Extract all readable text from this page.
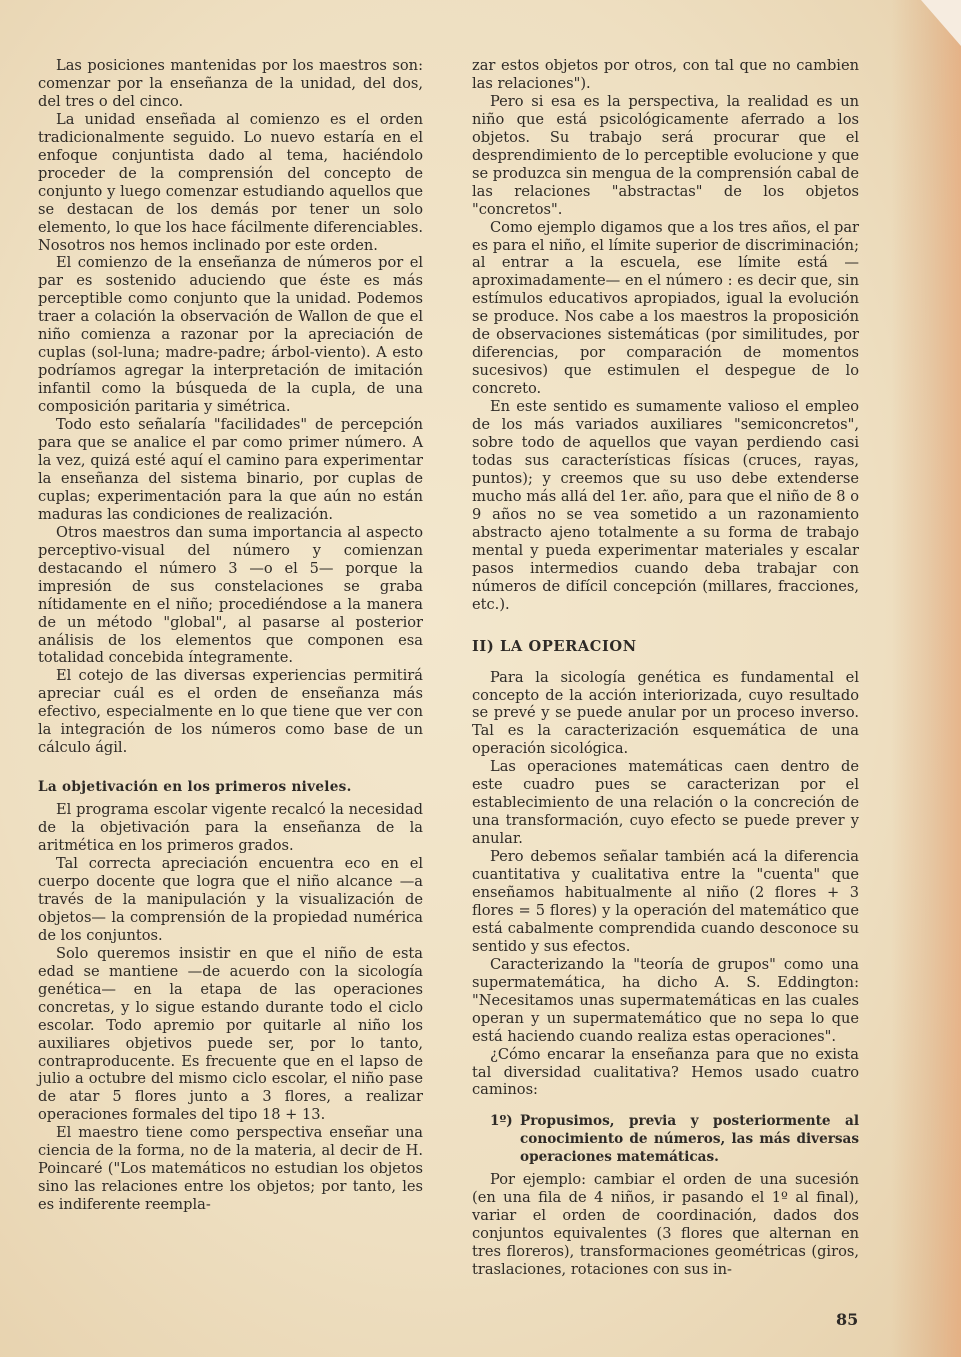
Las posiciones mantenidas por los maestros son: comenzar por la enseñanza de la unidad, del dos, del tres o del cinco.

La unidad enseñada al comienzo es el orden tradicionalmente seguido. Lo nuevo estaría en el enfoque conjuntista dado al tema, haciéndolo proceder de la comprensión del concepto de conjunto y luego comenzar estudiando aquellos que se destacan de los demás por tener un solo elemento, lo que los hace fácilmente diferenciables. Nosotros nos hemos inclinado por este orden.

El comienzo de la enseñanza de números por el par es sostenido aduciendo que éste es más perceptible como conjunto que la unidad. Podemos traer a colación la observación de Wallon de que el niño comienza a razonar por la apreciación de cuplas (sol-luna; madre-padre; árbol-viento). A esto podríamos agregar la interpretación de imitación infantil como la búsqueda de la cupla, de una composición paritaria y simétrica.

Todo esto señalaría "facilidades" de percepción para que se analice el par como primer número. A la vez, quizá esté aquí el camino para experimentar la enseñanza del sistema binario, por cuplas de cuplas; experimentación para la que aún no están maduras las condiciones de realización.

Otros maestros dan suma importancia al aspecto perceptivo-visual del número y comienzan destacando el número 3 —o el 5— porque la impresión de sus constelaciones se graba nítidamente en el niño; procediéndose a la manera de un método "global", al pasarse al posterior análisis de los elementos que componen esa totalidad concebida íntegramente.

El cotejo de las diversas experiencias permitirá apreciar cuál es el orden de enseñanza más efectivo, especialmente en lo que tiene que ver con la integración de los números como base de un cálculo ágil.

La objetivación en los primeros niveles.

El programa escolar vigente recalcó la necesidad de la objetivación para la enseñanza de la aritmética en los primeros grados.

Tal correcta apreciación encuentra eco en el cuerpo docente que logra que el niño alcance —a través de la manipulación y la visualización de objetos— la comprensión de la propiedad numérica de los conjuntos.

Solo queremos insistir en que el niño de esta edad se mantiene —de acuerdo con la sicología genética— en la etapa de las operaciones concretas, y lo sigue estando durante todo el ciclo escolar. Todo apremio por quitarle al niño los auxiliares objetivos puede ser, por lo tanto, contraproducente. Es frecuente que en el lapso de julio a octubre del mismo ciclo escolar, el niño pase de atar 5 flores junto a 3 flores, a realizar operaciones formales del tipo 18 + 13.

El maestro tiene como perspectiva enseñar una ciencia de la forma, no de la materia, al decir de H. Poincaré ("Los matemáticos no estudian los objetos sino las relaciones entre los objetos; por tanto, les es indiferente reempla-

zar estos objetos por otros, con tal que no cambien las relaciones").

Pero si esa es la perspectiva, la realidad es un niño que está psicológicamente aferrado a los objetos. Su trabajo será procurar que el desprendimiento de lo perceptible evolucione y que se produzca sin mengua de la comprensión cabal de las relaciones "abstractas" de los objetos "concretos".

Como ejemplo digamos que a los tres años, el par es para el niño, el límite superior de discriminación; al entrar a la escuela, ese límite está —aproximadamente— en el número : es decir que, sin estímulos educativos apropiados, igual la evolución se produce. Nos cabe a los maestros la proposición de observaciones sistemáticas (por similitudes, por diferencias, por comparación de momentos sucesivos) que estimulen el despegue de lo concreto.

En este sentido es sumamente valioso el empleo de los más variados auxiliares "semiconcretos", sobre todo de aquellos que vayan perdiendo casi todas sus características físicas (cruces, rayas, puntos); y creemos que su uso debe extenderse mucho más allá del 1er. año, para que el niño de 8 o 9 años no se vea sometido a un razonamiento abstracto ajeno totalmente a su forma de trabajo mental y pueda experimentar materiales y escalar pasos intermedios cuando deba trabajar con números de difícil concepción (millares, fracciones, etc.).

II) LA OPERACION

Para la sicología genética es fundamental el concepto de la acción interiorizada, cuyo resultado se prevé y se puede anular por un proceso inverso. Tal es la caracterización esquemática de una operación sicológica.

Las operaciones matemáticas caen dentro de este cuadro pues se caracterizan por el establecimiento de una relación o la concreción de una transformación, cuyo efecto se puede prever y anular.

Pero debemos señalar también acá la diferencia cuantitativa y cualitativa entre la "cuenta" que enseñamos habitualmente al niño (2 flores + 3 flores = 5 flores) y la operación del matemático que está cabalmente comprendida cuando desconoce su sentido y sus efectos.

Caracterizando la "teoría de grupos" como una supermatemática, ha dicho A. S. Eddington: "Necesitamos unas supermatemáticas en las cuales operan y un supermatemático que no sepa lo que está haciendo cuando realiza estas operaciones".

¿Cómo encarar la enseñanza para que no exista tal diversidad cualitativa? Hemos usado cuatro caminos:

1º) Propusimos, previa y posteriormente al conocimiento de números, las más diversas operaciones matemáticas.

Por ejemplo: cambiar el orden de una sucesión (en una fila de 4 niños, ir pasando el 1º al final), variar el orden de coordinación, dados dos conjuntos equivalentes (3 flores que alternan en tres floreros), transformaciones geométricas (giros, traslaciones, rotaciones con sus in-

85
